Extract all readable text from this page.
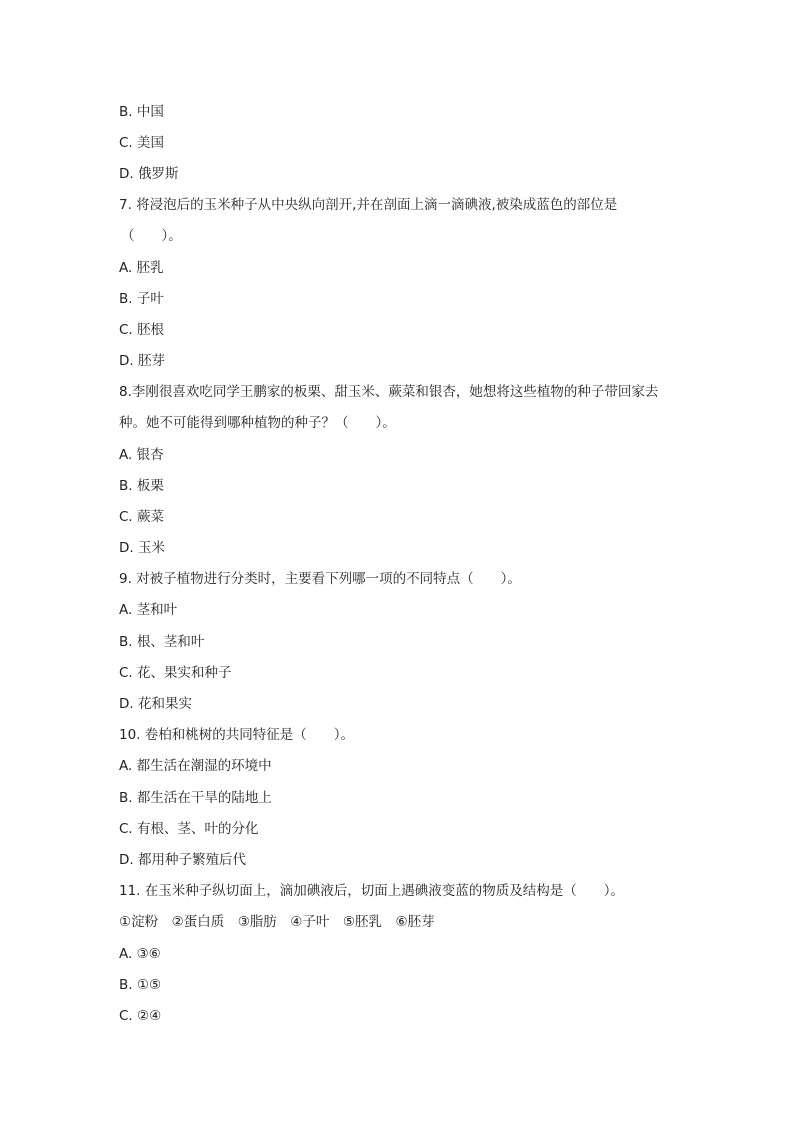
B. 中国
C. 美国
D. 俄罗斯
7. 将浸泡后的玉米种子从中央纵向剖开,并在剖面上滴一滴碘液,被染成蓝色的部位是
（　　）。
A. 胚乳
B. 子叶
C. 胚根
D. 胚芽
8.李刚很喜欢吃同学王鹏家的板栗、甜玉米、蕨菜和银杏，她想将这些植物的种子带回家去
种。她不可能得到哪种植物的种子？（　　）。
A. 银杏
B. 板栗
C. 蕨菜
D. 玉米
9. 对被子植物进行分类时，主要看下列哪一项的不同特点（　　）。
A. 茎和叶
B. 根、茎和叶
C. 花、果实和种子
D. 花和果实
10. 卷柏和桃树的共同特征是（　　）。
A. 都生活在潮湿的环境中
B. 都生活在干旱的陆地上
C. 有根、茎、叶的分化
D. 都用种子繁殖后代
11. 在玉米种子纵切面上，滴加碘液后，切面上遇碘液变蓝的物质及结构是（　　）。
①淀粉　②蛋白质　③脂肪　④子叶　⑤胚乳　⑥胚芽
A. ③⑥
B. ①⑤
C. ②④
